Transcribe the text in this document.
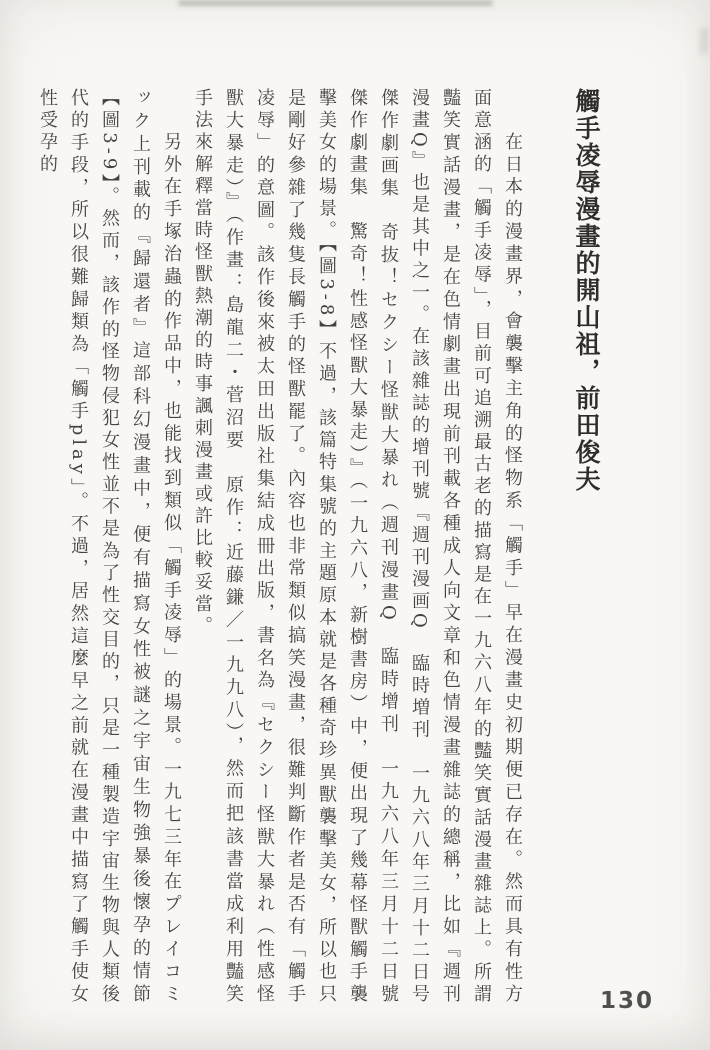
觸手凌辱漫畫的開山祖，前田俊夫

在日本的漫畫界，會襲擊主角的怪物系「觸手」早在漫畫史初期便已存在。然而具有性方面意涵的「觸手凌辱」，目前可追溯最古老的描寫是在一九六八年的豔笑實話漫畫雜誌上。所謂豔笑實話漫畫，是在色情劇畫出現前刊載各種成人向文章和色情漫畫雜誌的總稱，比如『週刊漫畫Q』也是其中之一。在該雜誌的增刊號『週刊漫画Q　臨時増刊　一九六八年三月十二日号　傑作劇画集　奇抜！セクシー怪獣大暴れ（週刊漫畫Q　臨時增刊　一九六八年三月十二日號　傑作劇畫集　驚奇！性感怪獸大暴走）』（一九六八，新樹書房）中，便出現了幾幕怪獸觸手襲擊美女的場景。【圖3-8】不過，該篇特集號的主題原本就是各種奇珍異獸襲擊美女，所以也只是剛好參雜了幾隻長觸手的怪獸罷了。內容也非常類似搞笑漫畫，很難判斷作者是否有「觸手凌辱」的意圖。該作後來被太田出版社集結成冊出版，書名為『セクシー怪獣大暴れ（性感怪獸大暴走）』（作畫：島龍二・菅沼要　原作：近藤鎌／一九九八），然而把該書當成利用豔笑手法來解釋當時怪獸熱潮的時事諷刺漫畫或許比較妥當。

另外在手塚治蟲的作品中，也能找到類似「觸手凌辱」的場景。一九七三年在プレイコミック上刊載的『歸還者』這部科幻漫畫中，便有描寫女性被謎之宇宙生物強暴後懷孕的情節【圖3-9】。然而，該作的怪物侵犯女性並不是為了性交目的，只是一種製造宇宙生物與人類後代的手段，所以很難歸類為「觸手play」。不過，居然這麼早之前就在漫畫中描寫了觸手使女性受孕的

130
